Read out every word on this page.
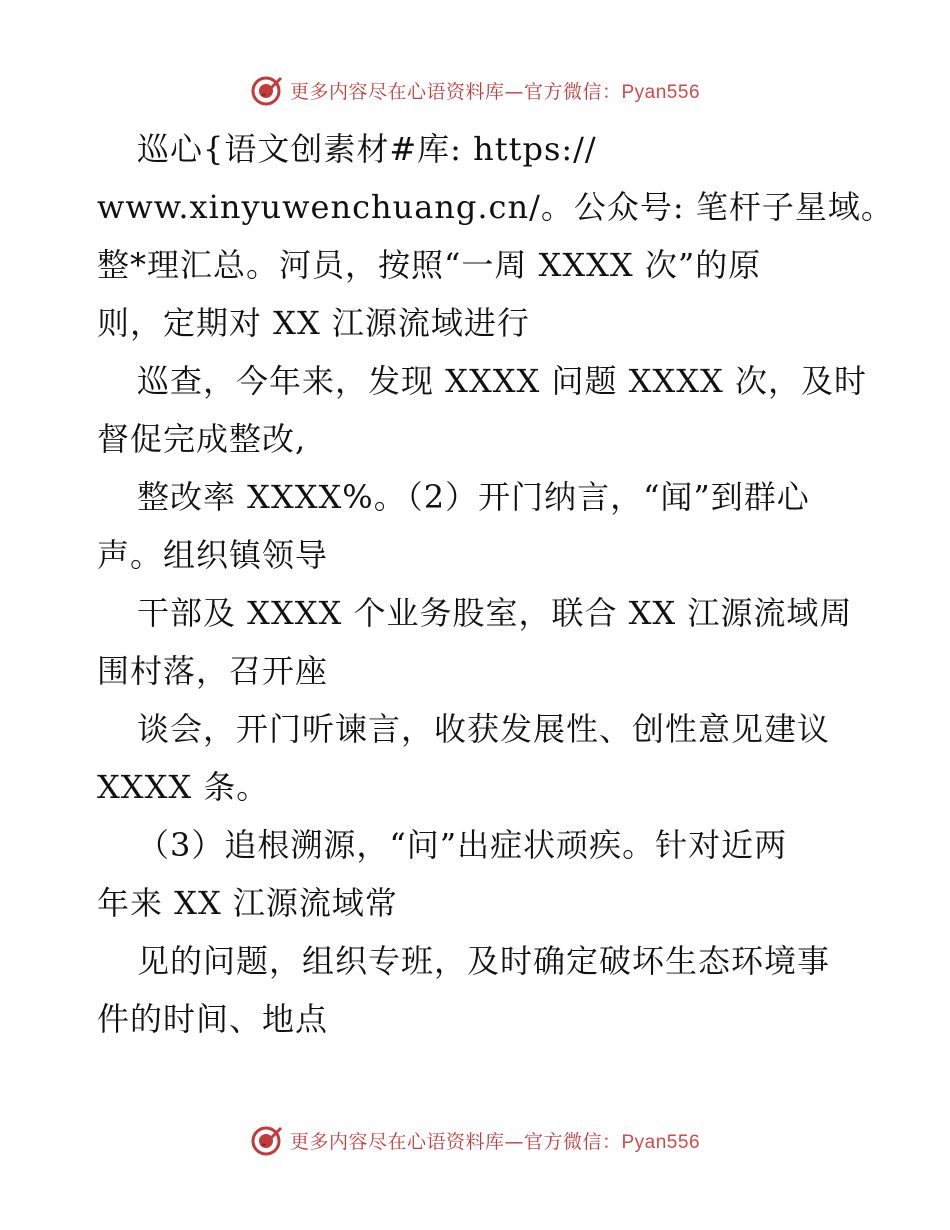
更多内容尽在心语资料库—官方微信：Pyan556
巡心{语文创素材#库: https://
www.xinyuwenchuang.cn/。公众号: 笔杆子星域。
整*理汇总。河员，按照“一周 XXXX 次”的原
则，定期对 XX 江源流域进行
巡查，今年来，发现 XXXX 问题 XXXX 次，及时
督促完成整改,
整改率 XXXX%。（2）开门纳言，“闻”到群心
声。组织镇领导
干部及 XXXX 个业务股室，联合 XX 江源流域周
围村落，召开座
谈会，开门听谏言，收获发展性、创性意见建议
XXXX 条。
（3）追根溯源，“问”出症状顽疾。针对近两
年来 XX 江源流域常
见的问题，组织专班，及时确定破坏生态环境事
件的时间、地点
更多内容尽在心语资料库—官方微信：Pyan556
